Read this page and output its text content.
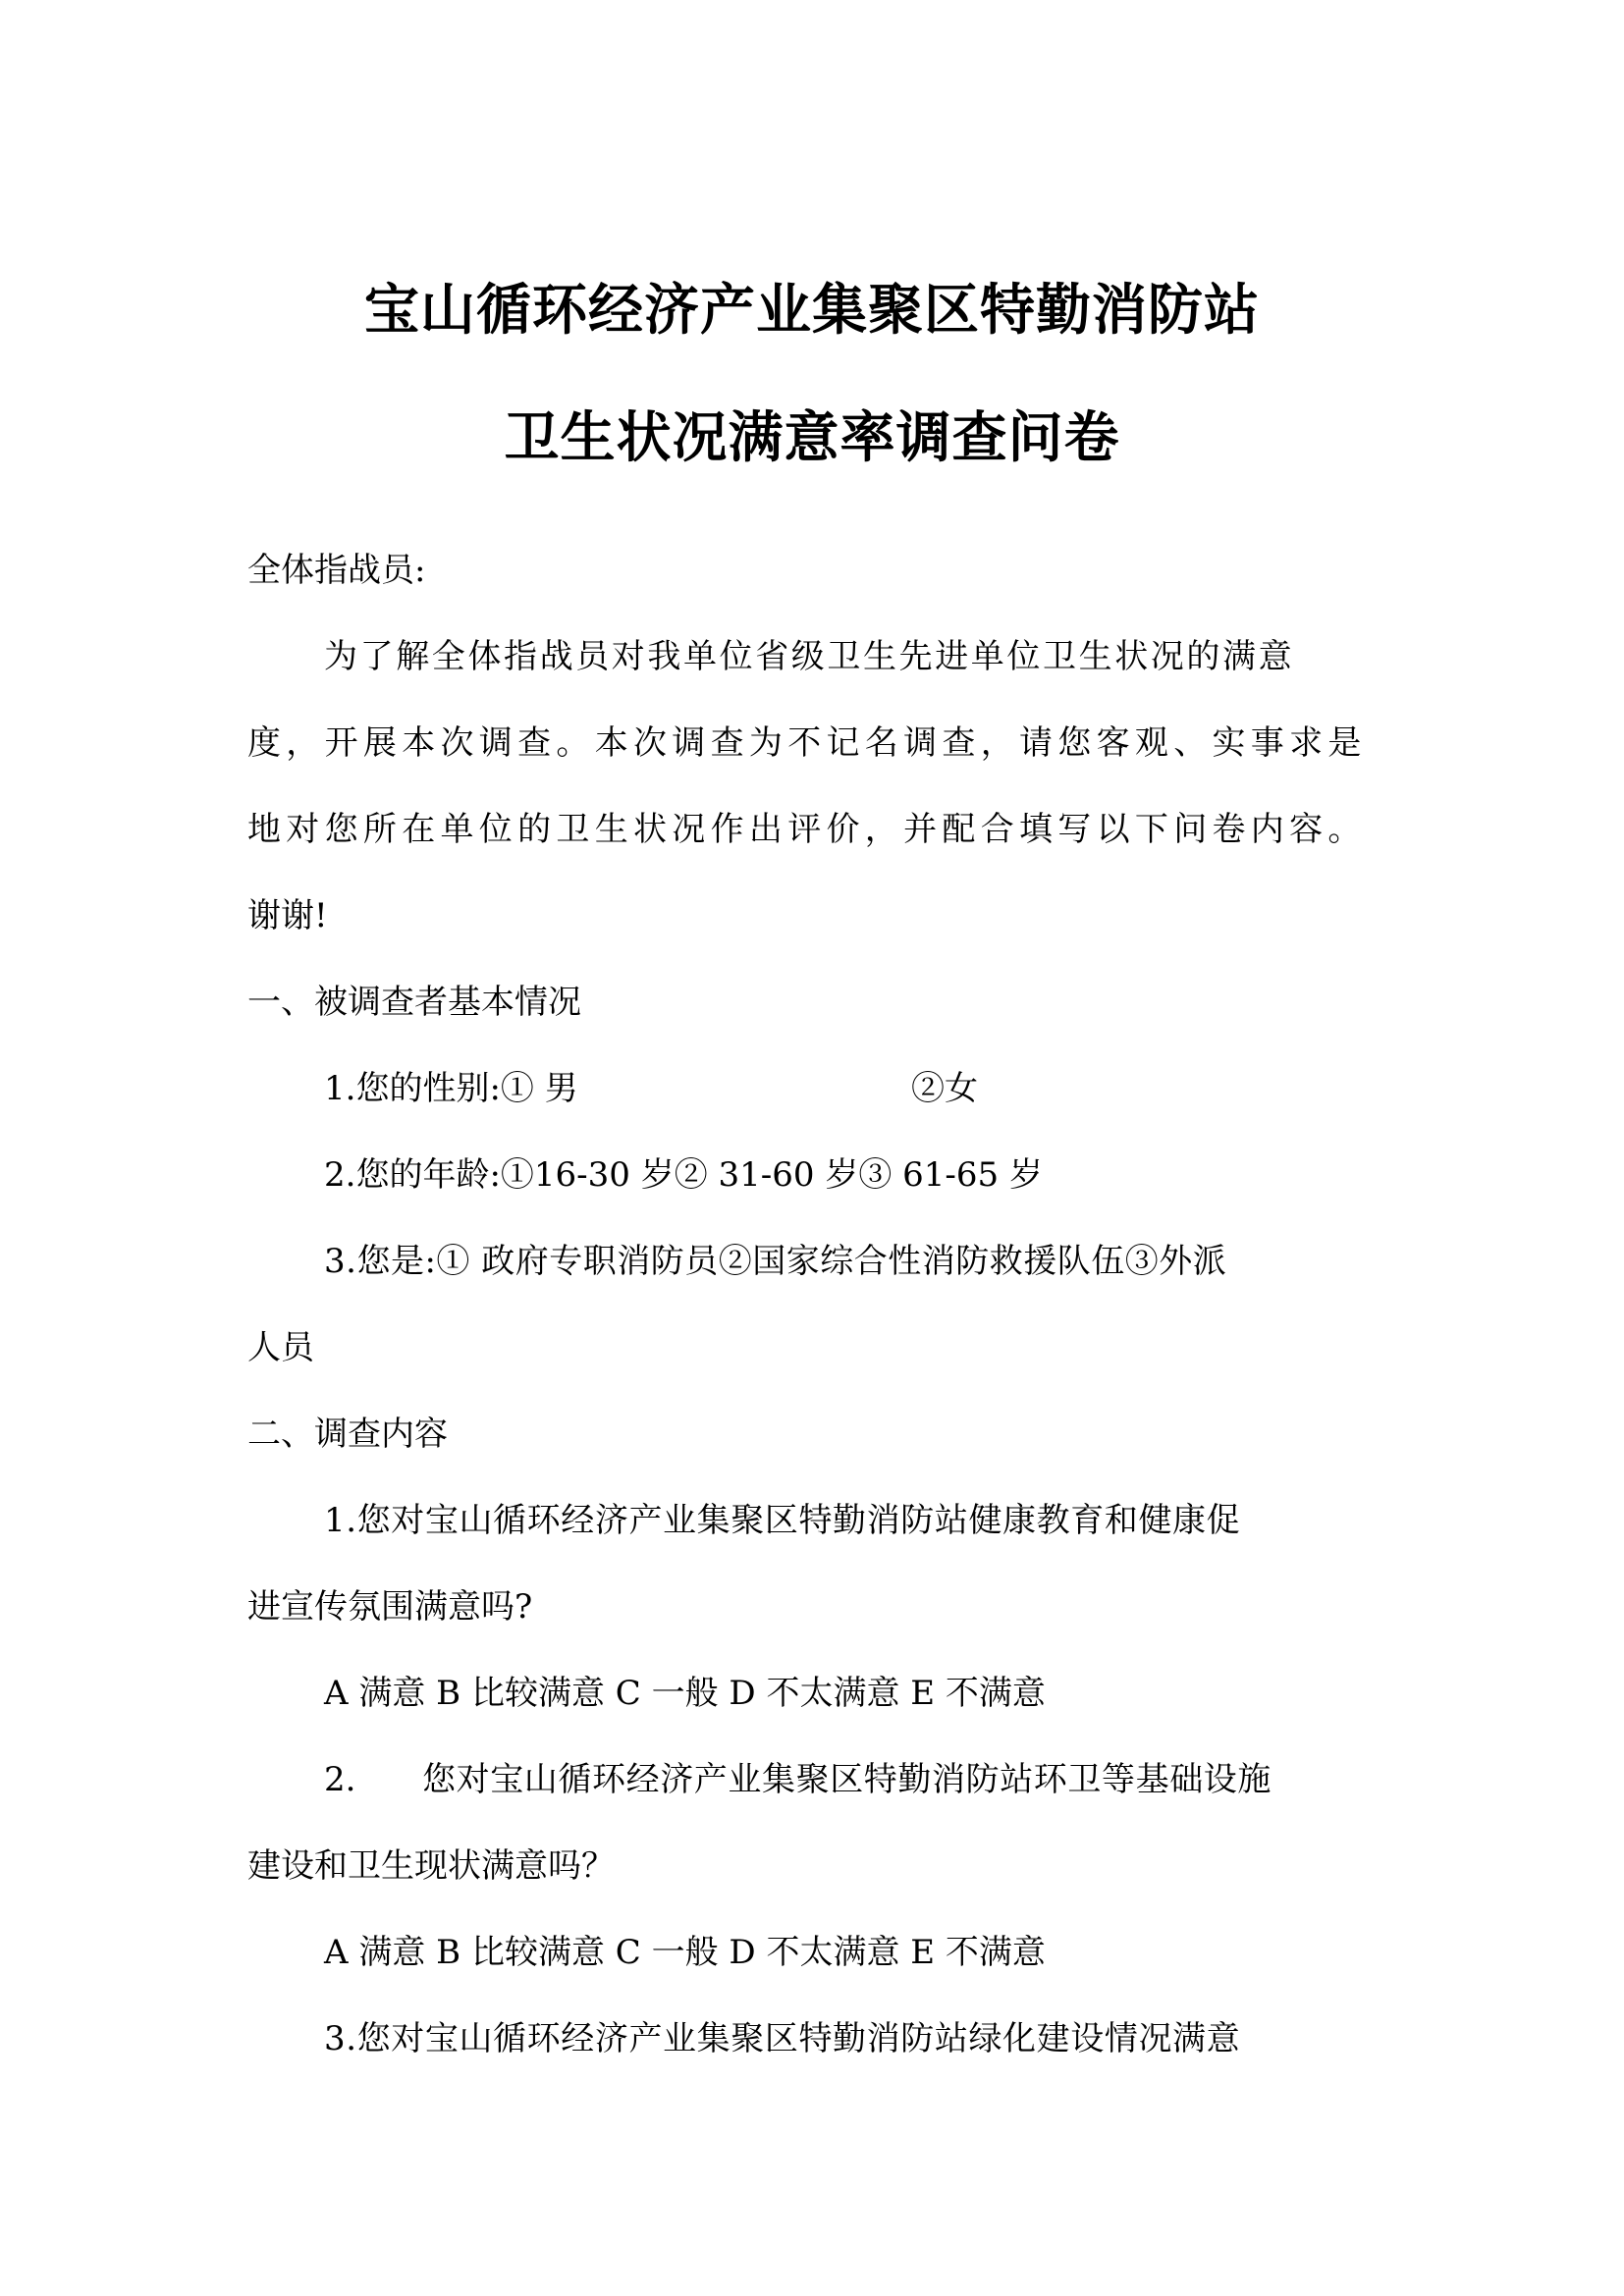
宝山循环经济产业集聚区特勤消防站
卫生状况满意率调查问卷
全体指战员:
为了解全体指战员对我单位省级卫生先进单位卫生状况的满意
度，开展本次调查。本次调查为不记名调查，请您客观、实事求是
地对您所在单位的卫生状况作出评价，并配合填写以下问卷内容。
谢谢!
一、被调查者基本情况
1.您的性别:① 男	②女
2.您的年龄:①16-30 岁② 31-60 岁③ 61-65 岁
3.您是:① 政府专职消防员②国家综合性消防救援队伍③外派
人员
二、调查内容
1.您对宝山循环经济产业集聚区特勤消防站健康教育和健康促
进宣传氛围满意吗?
A 满意 B 比较满意 C 一般 D 不太满意 E 不满意
2. 您对宝山循环经济产业集聚区特勤消防站环卫等基础设施
建设和卫生现状满意吗？
A 满意 B 比较满意 C 一般 D 不太满意 E 不满意
3.您对宝山循环经济产业集聚区特勤消防站绿化建设情况满意
